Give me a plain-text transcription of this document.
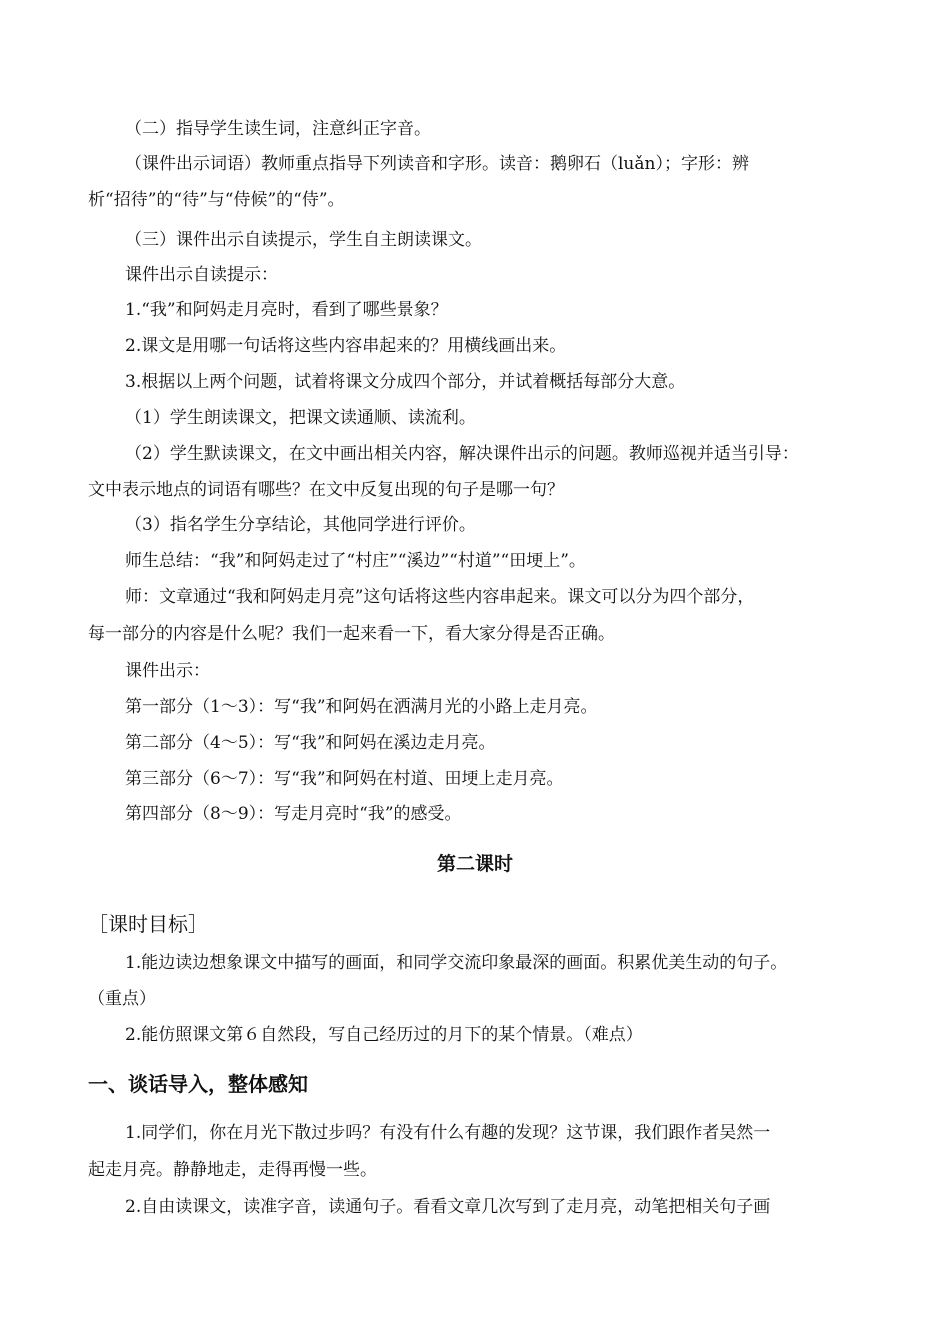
（二）指导学生读生词，注意纠正字音。
（课件出示词语）教师重点指导下列读音和字形。读音：鹅卵石（luǎn）；字形：辨
析“招待”的“待”与“侍候”的“侍”。
（三）课件出示自读提示，学生自主朗读课文。
课件出示自读提示：
1.“我”和阿妈走月亮时，看到了哪些景象？
2.课文是用哪一句话将这些内容串起来的？用横线画出来。
3.根据以上两个问题，试着将课文分成四个部分，并试着概括每部分大意。
（1）学生朗读课文，把课文读通顺、读流利。
（2）学生默读课文，在文中画出相关内容，解决课件出示的问题。教师巡视并适当引导：
文中表示地点的词语有哪些？在文中反复出现的句子是哪一句？
（3）指名学生分享结论，其他同学进行评价。
师生总结：“我”和阿妈走过了“村庄”“溪边”“村道”“田埂上”。
师：文章通过“我和阿妈走月亮”这句话将这些内容串起来。课文可以分为四个部分，
每一部分的内容是什么呢？我们一起来看一下，看大家分得是否正确。
课件出示：
第一部分（1～3）：写“我”和阿妈在洒满月光的小路上走月亮。
第二部分（4～5）：写“我”和阿妈在溪边走月亮。
第三部分（6～7）：写“我”和阿妈在村道、田埂上走月亮。
第四部分（8～9）：写走月亮时“我”的感受。
第二课时
［课时目标］
1.能边读边想象课文中描写的画面，和同学交流印象最深的画面。积累优美生动的句子。
（重点）
2.能仿照课文第６自然段，写自己经历过的月下的某个情景。（难点）
一、谈话导入，整体感知
1.同学们，你在月光下散过步吗？有没有什么有趣的发现？这节课，我们跟作者吴然一
起走月亮。静静地走，走得再慢一些。
2.自由读课文，读准字音，读通句子。看看文章几次写到了走月亮，动笔把相关句子画
